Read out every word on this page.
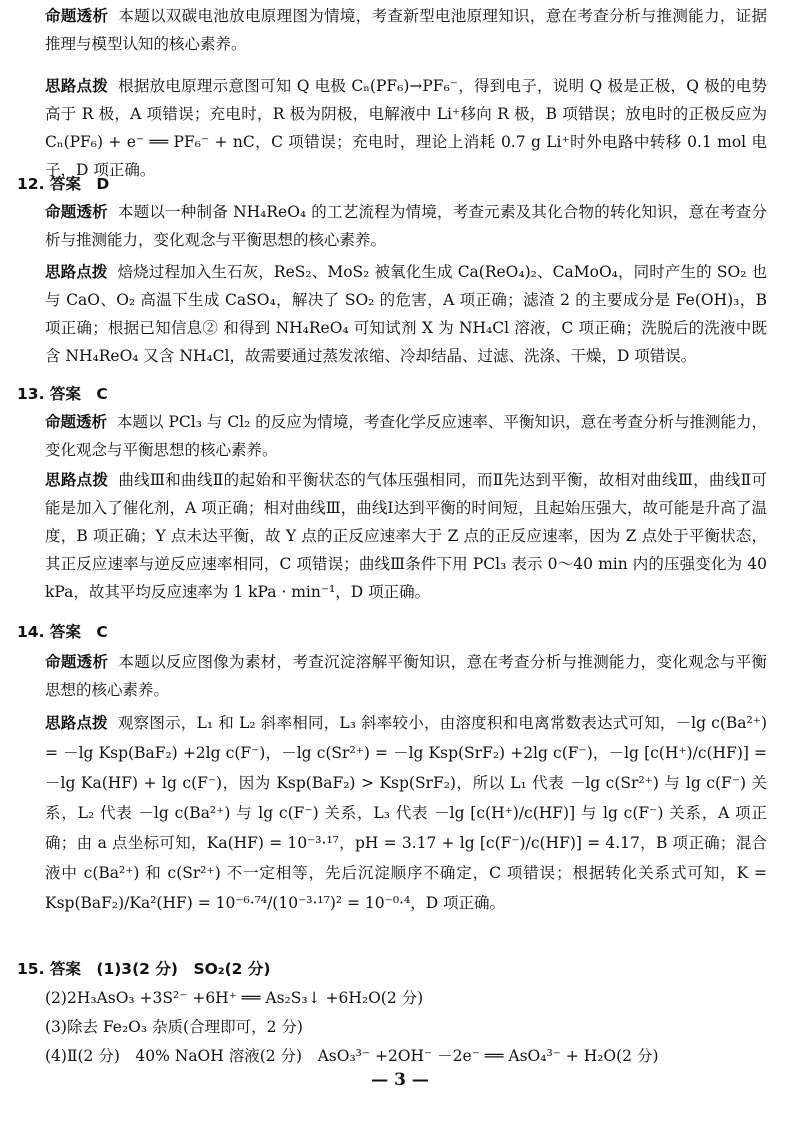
命题透析 本题以双碳电池放电原理图为情境，考查新型电池原理知识，意在考查分析与推测能力，证据推理与模型认知的核心素养。

思路点拨 根据放电原理示意图可知 Q 电极 Cₙ(PF₆)→PF₆⁻，得到电子，说明 Q 极是正极，Q 极的电势高于 R 极，A 项错误；充电时，R 极为阴极，电解液中 Li⁺移向 R 极，B 项错误；放电时的正极反应为 Cₙ(PF₆) + e⁻ ══ PF₆⁻ + nC，C 项错误；充电时，理论上消耗 0.7 g Li⁺时外电路中转移 0.1 mol 电子，D 项正确。

12. 答案　D

命题透析 本题以一种制备 NH₄ReO₄ 的工艺流程为情境，考查元素及其化合物的转化知识，意在考查分析与推测能力，变化观念与平衡思想的核心素养。

思路点拨 焙烧过程加入生石灰，ReS₂、MoS₂ 被氧化生成 Ca(ReO₄)₂、CaMoO₄，同时产生的 SO₂ 也与 CaO、O₂ 高温下生成 CaSO₄，解决了 SO₂ 的危害，A 项正确；滤渣 2 的主要成分是 Fe(OH)₃，B 项正确；根据已知信息② 和得到 NH₄ReO₄ 可知试剂 X 为 NH₄Cl 溶液，C 项正确；洗脱后的洗液中既含 NH₄ReO₄ 又含 NH₄Cl，故需要通过蒸发浓缩、冷却结晶、过滤、洗涤、干燥，D 项错误。

13. 答案　C

命题透析 本题以 PCl₃ 与 Cl₂ 的反应为情境，考查化学反应速率、平衡知识，意在考查分析与推测能力，变化观念与平衡思想的核心素养。

思路点拨 曲线Ⅲ和曲线Ⅱ的起始和平衡状态的气体压强相同，而Ⅱ先达到平衡，故相对曲线Ⅲ，曲线Ⅱ可能是加入了催化剂，A 项正确；相对曲线Ⅲ，曲线Ⅰ达到平衡的时间短，且起始压强大，故可能是升高了温度，B 项正确；Y 点未达平衡，故 Y 点的正反应速率大于 Z 点的正反应速率，因为 Z 点处于平衡状态，其正反应速率与逆反应速率相同，C 项错误；曲线Ⅲ条件下用 PCl₃ 表示 0～40 min 内的压强变化为 40 kPa，故其平均反应速率为 1 kPa · min⁻¹，D 项正确。

14. 答案　C

命题透析 本题以反应图像为素材，考查沉淀溶解平衡知识，意在考查分析与推测能力，变化观念与平衡思想的核心素养。

思路点拨 观察图示，L₁ 和 L₂ 斜率相同，L₃ 斜率较小，由溶度积和电离常数表达式可知，－lg c(Ba²⁺) = －lg Ksp(BaF₂) +2lg c(F⁻)，－lg c(Sr²⁺) = －lg Ksp(SrF₂) +2lg c(F⁻)，－lg [c(H⁺)/c(HF)] = －lg Ka(HF) + lg c(F⁻)，因为 Ksp(BaF₂) > Ksp(SrF₂)，所以 L₁ 代表 －lg c(Sr²⁺) 与 lg c(F⁻) 关系，L₂ 代表 －lg c(Ba²⁺) 与 lg c(F⁻) 关系，L₃ 代表 －lg [c(H⁺)/c(HF)] 与 lg c(F⁻) 关系，A 项正确；由 a 点坐标可知，Ka(HF) = 10⁻³·¹⁷，pH = 3.17 + lg [c(F⁻)/c(HF)] = 4.17，B 项正确；混合液中 c(Ba²⁺) 和 c(Sr²⁺) 不一定相等，先后沉淀顺序不确定，C 项错误；根据转化关系式可知，K = Ksp(BaF₂)/Ka²(HF) = 10⁻⁶·⁷⁴/(10⁻³·¹⁷)² = 10⁻⁰·⁴，D 项正确。

15. 答案　(1)3(2 分)　SO₂(2 分)

(2)2H₃AsO₃ +3S²⁻ +6H⁺ ══ As₂S₃↓ +6H₂O(2 分)

(3)除去 Fe₂O₃ 杂质(合理即可，2 分)

(4)Ⅱ(2 分)　40% NaOH 溶液(2 分)　AsO₃³⁻ +2OH⁻ －2e⁻ ══ AsO₄³⁻ + H₂O(2 分)

— 3 —
